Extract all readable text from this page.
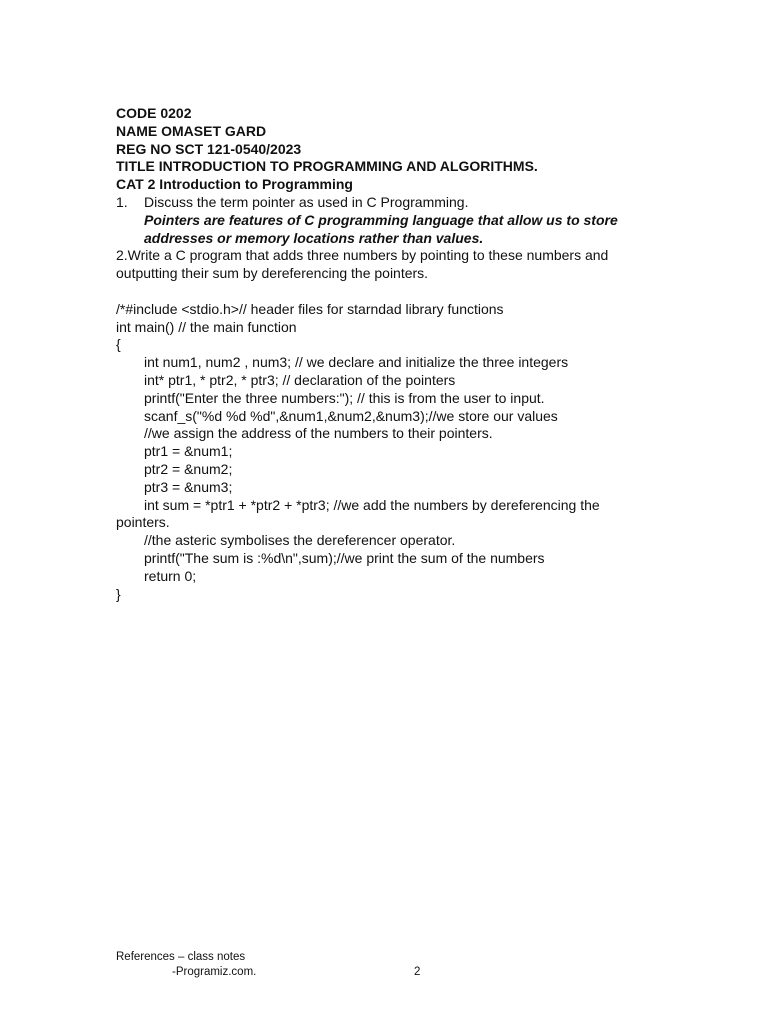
CODE 0202
NAME OMASET GARD
REG NO SCT 121-0540/2023
TITLE INTRODUCTION TO PROGRAMMING AND ALGORITHMS.
CAT 2 Introduction to Programming
1. Discuss the term pointer as used in C Programming.
Pointers are features of C programming language that allow us to store
addresses or memory locations rather than values.
2.Write a C program that adds three numbers by pointing to these numbers and outputting their sum by dereferencing the pointers.
/*#include <stdio.h>// header files for starndad library functions
int main() // the main function
{
int num1, num2 , num3; // we declare and initialize the three integers
int* ptr1, * ptr2, * ptr3; // declaration of the pointers
printf("Enter the three numbers:"); // this is from the user to input.
scanf_s("%d %d %d",&num1,&num2,&num3);//we store our values
//we assign the address of the numbers to their pointers.
ptr1 = &num1;
ptr2 = &num2;
ptr3 = &num3;
int sum = *ptr1 + *ptr2 + *ptr3; //we add the numbers by dereferencing the
pointers.
//the asteric symbolises the dereferencer operator.
printf("The sum is :%d\n",sum);//we print the sum of the numbers
return 0;
}
References – class notes
-Programiz.com.	2
